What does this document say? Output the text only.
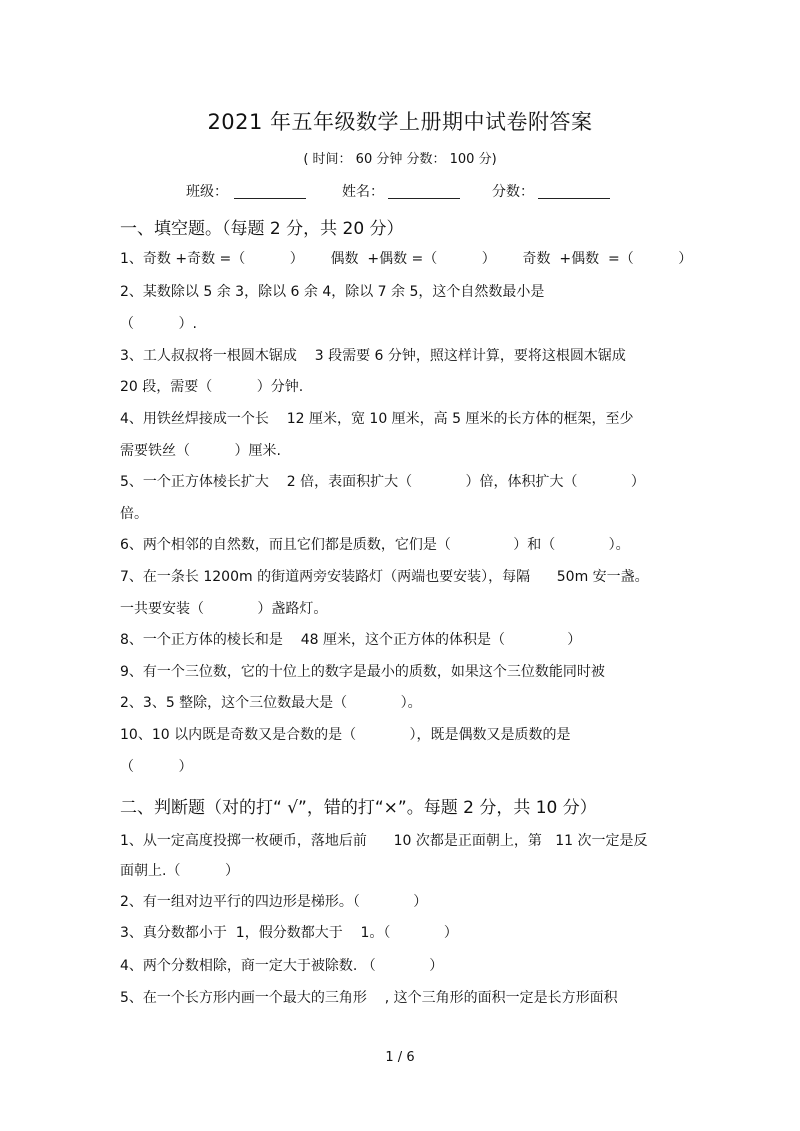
2021 年五年级数学上册期中试卷附答案
( 时间： 60 分钟 分数： 100 分)
班级：	姓名：	分数：
一、填空题。（每题 2 分，共 20 分）
1、奇数 +奇数 =（          ）      偶数  +偶数 =（          ）      奇数  +偶数  =（          ）
2、某数除以 5 余 3，除以 6 余 4，除以 7 余 5，这个自然数最小是
（          ）.
3、工人叔叔将一根圆木锯成    3 段需要 6 分钟，照这样计算，要将这根圆木锯成
20 段，需要（          ）分钟.
4、用铁丝焊接成一个长    12 厘米，宽 10 厘米，高 5 厘米的长方体的框架，至少
需要铁丝（          ）厘米.
5、一个正方体棱长扩大    2 倍，表面积扩大（            ）倍，体积扩大（            ）
倍。
6、两个相邻的自然数，而且它们都是质数，它们是（              ）和（            ）。
7、在一条长 1200m 的街道两旁安装路灯（两端也要安装），每隔      50m 安一盏。
一共要安装（            ）盏路灯。
8、一个正方体的棱长和是    48 厘米，这个正方体的体积是（              ）
9、有一个三位数，它的十位上的数字是最小的质数，如果这个三位数能同时被
2、3、5 整除，这个三位数最大是（            ）。
10、10 以内既是奇数又是合数的是（            ），既是偶数又是质数的是
（          ）
二、判断题（对的打“ √”，错的打“×”。每题 2 分，共 10 分）
1、从一定高度投掷一枚硬币，落地后前      10 次都是正面朝上，第   11 次一定是反
面朝上.（          ）
2、有一组对边平行的四边形是梯形。（            ）
3、真分数都小于  1，假分数都大于    1。（            ）
4、两个分数相除，商一定大于被除数. （            ）
5、在一个长方形内画一个最大的三角形    , 这个三角形的面积一定是长方形面积
1 / 6
